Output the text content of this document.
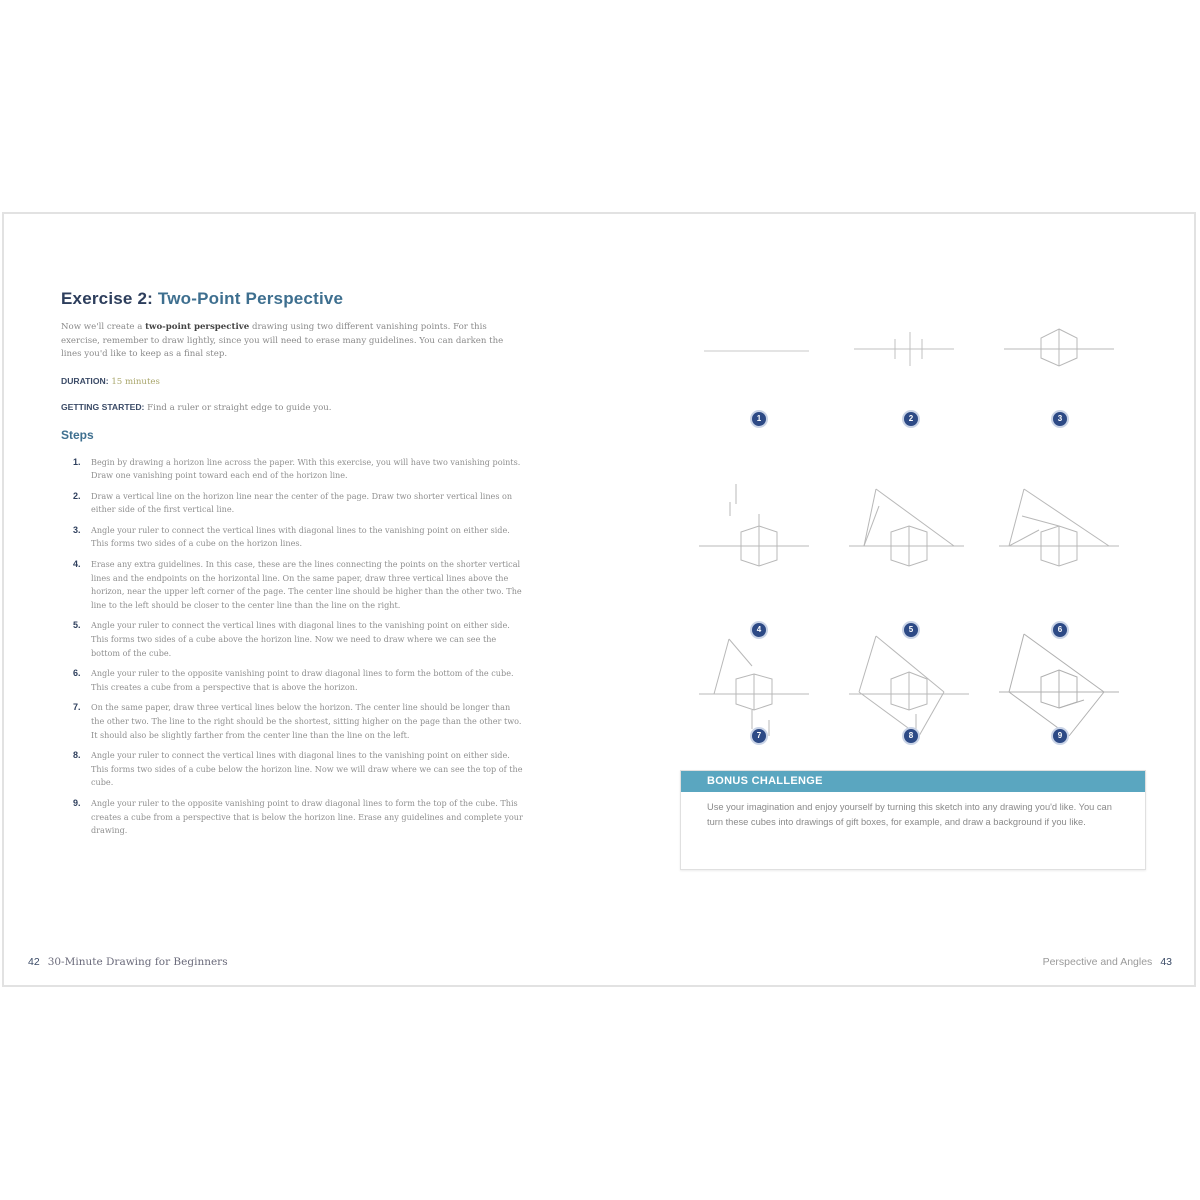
Exercise 2: Two-Point Perspective

Now we'll create a two-point perspective drawing using two different vanishing points. For this exercise, remember to draw lightly, since you will need to erase many guidelines. You can darken the lines you'd like to keep as a final step.

DURATION: 15 minutes

GETTING STARTED: Find a ruler or straight edge to guide you.

Steps
1. Begin by drawing a horizon line across the paper. With this exercise, you will have two vanishing points. Draw one vanishing point toward each end of the horizon line.
2. Draw a vertical line on the horizon line near the center of the page. Draw two shorter vertical lines on either side of the first vertical line.
3. Angle your ruler to connect the vertical lines with diagonal lines to the vanishing point on either side. This forms two sides of a cube on the horizon lines.
4. Erase any extra guidelines. In this case, these are the lines connecting the points on the shorter vertical lines and the endpoints on the horizontal line. On the same paper, draw three vertical lines above the horizon, near the upper left corner of the page. The center line should be higher than the other two. The line to the left should be closer to the center line than the line on the right.
5. Angle your ruler to connect the vertical lines with diagonal lines to the vanishing point on either side. This forms two sides of a cube above the horizon line. Now we need to draw where we can see the bottom of the cube.
6. Angle your ruler to the opposite vanishing point to draw diagonal lines to form the bottom of the cube. This creates a cube from a perspective that is above the horizon.
7. On the same paper, draw three vertical lines below the horizon. The center line should be longer than the other two. The line to the right should be the shortest, sitting higher on the page than the other two. It should also be slightly farther from the center line than the line on the left.
8. Angle your ruler to connect the vertical lines with diagonal lines to the vanishing point on either side. This forms two sides of a cube below the horizon line. Now we will draw where we can see the top of the cube.
9. Angle your ruler to the opposite vanishing point to draw diagonal lines to form the top of the cube. This creates a cube from a perspective that is below the horizon line. Erase any guidelines and complete your drawing.
42 30-Minute Drawing for Beginners
1	2	3
4	5	6
7	8	9
BONUS CHALLENGE
Use your imagination and enjoy yourself by turning this sketch into any drawing you'd like. You can turn these cubes into drawings of gift boxes, for example, and draw a background if you like.
Perspective and Angles 43
